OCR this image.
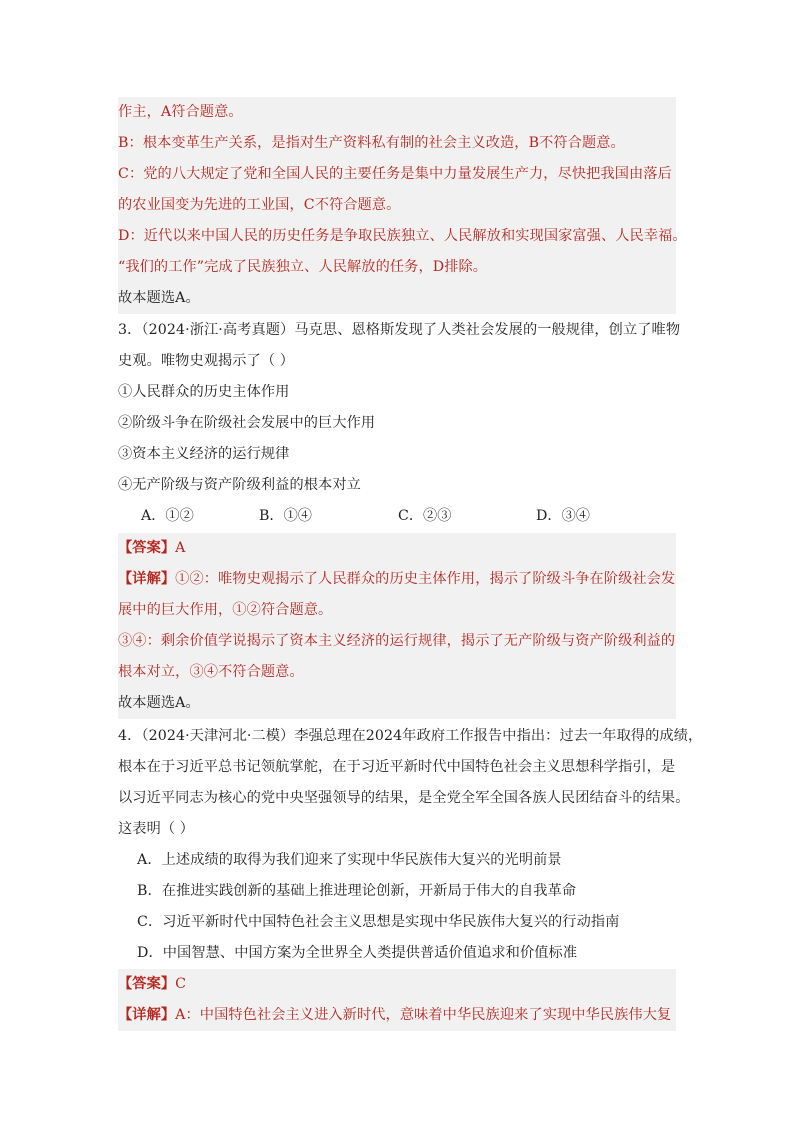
作主，A符合题意。
B：根本变革生产关系，是指对生产资料私有制的社会主义改造，B不符合题意。
C：党的八大规定了党和全国人民的主要任务是集中力量发展生产力，尽快把我国由落后
的农业国变为先进的工业国，C不符合题意。
D：近代以来中国人民的历史任务是争取民族独立、人民解放和实现国家富强、人民幸福。
“我们的工作”完成了民族独立、人民解放的任务，D排除。
故本题选A。
3．（2024·浙江·高考真题）马克思、恩格斯发现了人类社会发展的一般规律，创立了唯物
史观。唯物史观揭示了（ ）
①人民群众的历史主体作用
②阶级斗争在阶级社会发展中的巨大作用
③资本主义经济的运行规律
④无产阶级与资产阶级利益的根本对立
A．①②	B．①④	C．②③	D．③④
【答案】A
【详解】①②：唯物史观揭示了人民群众的历史主体作用，揭示了阶级斗争在阶级社会发
展中的巨大作用，①②符合题意。
③④：剩余价值学说揭示了资本主义经济的运行规律，揭示了无产阶级与资产阶级利益的
根本对立，③④不符合题意。
故本题选A。
4．（2024·天津河北·二模）李强总理在2024年政府工作报告中指出：过去一年取得的成绩，
根本在于习近平总书记领航掌舵，在于习近平新时代中国特色社会主义思想科学指引，是
以习近平同志为核心的党中央坚强领导的结果，是全党全军全国各族人民团结奋斗的结果。
这表明（ ）
A．上述成绩的取得为我们迎来了实现中华民族伟大复兴的光明前景
B．在推进实践创新的基础上推进理论创新，开新局于伟大的自我革命
C．习近平新时代中国特色社会主义思想是实现中华民族伟大复兴的行动指南
D．中国智慧、中国方案为全世界全人类提供普适价值追求和价值标准
【答案】C
【详解】A：中国特色社会主义进入新时代，意味着中华民族迎来了实现中华民族伟大复
